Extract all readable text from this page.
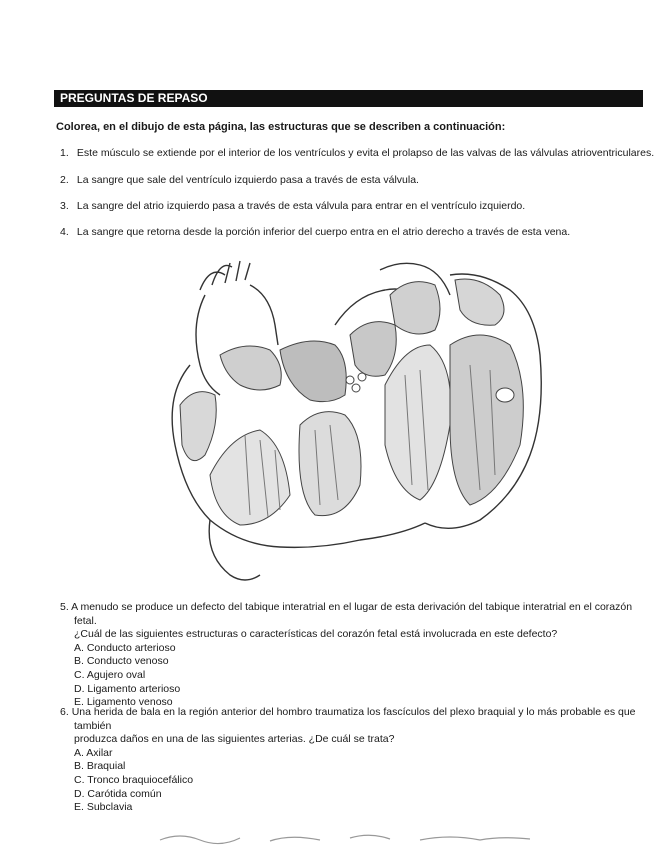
PREGUNTAS DE REPASO
Colorea, en el dibujo de esta página, las estructuras que se describen a continuación:
1. Este músculo se extiende por el interior de los ventrículos y evita el prolapso de las valvas de las válvulas atrioventriculares.
2. La sangre que sale del ventrículo izquierdo pasa a través de esta válvula.
3. La sangre del atrio izquierdo pasa a través de esta válvula para entrar en el ventrículo izquierdo.
4. La sangre que retorna desde la porción inferior del cuerpo entra en el atrio derecho a través de esta vena.
5. A menudo se produce un defecto del tabique interatrial en el lugar de esta derivación del tabique interatrial en el corazón fetal.
¿Cuál de las siguientes estructuras o características del corazón fetal está involucrada en este defecto?
A. Conducto arterioso
B. Conducto venoso
C. Agujero oval
D. Ligamento arterioso
E. Ligamento venoso
6. Una herida de bala en la región anterior del hombro traumatiza los fascículos del plexo braquial y lo más probable es que también
produzca daños en una de las siguientes arterias. ¿De cuál se trata?
A. Axilar
B. Braquial
C. Tronco braquiocefálico
D. Carótida común
E. Subclavia
